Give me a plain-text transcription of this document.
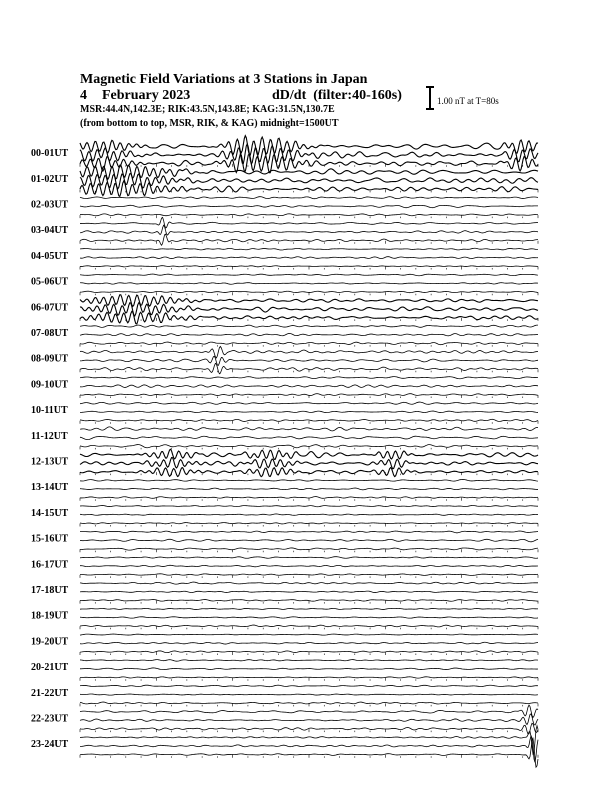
Magnetic Field Variations at 3 Stations in Japan
4 February 2023	dD/dt (filter:40-160s)
MSR:44.4N,142.3E; RIK:43.5N,143.8E; KAG:31.5N,130.7E
(from bottom to top, MSR, RIK, & KAG) midnight=1500UT
1.00 nT at T=80s
00-01UT
01-02UT
02-03UT
03-04UT
04-05UT
05-06UT
06-07UT
07-08UT
08-09UT
09-10UT
10-11UT
11-12UT
12-13UT
13-14UT
14-15UT
15-16UT
16-17UT
17-18UT
18-19UT
19-20UT
20-21UT
21-22UT
22-23UT
23-24UT
